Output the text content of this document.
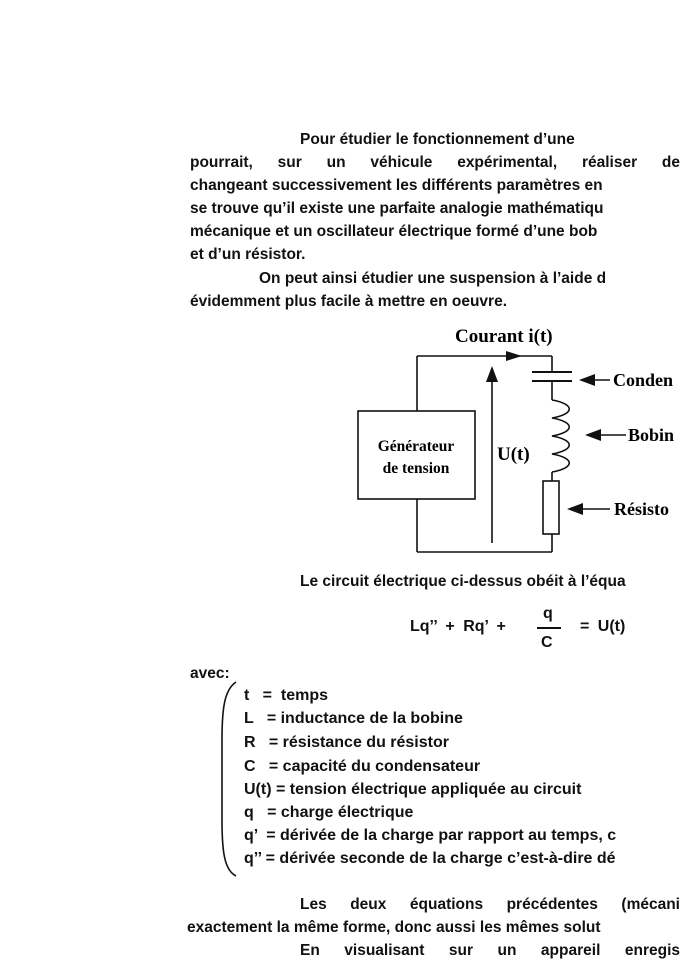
Pour étudier le fonctionnement d’une
pourrait, sur un véhicule expérimental, réaliser de
changeant successivement les différents paramètres en
se trouve qu’il existe une parfaite analogie mathématiqu
mécanique et un oscillateur électrique formé d’une bob
et d’un résistor.
On peut ainsi étudier une suspension à l’aide d
évidemment plus facile à mettre en oeuvre.
Courant i(t)
Générateur
de tension
U(t)
Conden
Bobin
Résisto
Le circuit électrique ci-dessus obéit à l’équa
Lq’’ + Rq’ +
q
C
= U(t)
avec:
t   =  temps
L   = inductance de la bobine
R   = résistance du résistor
C   = capacité du condensateur
U(t) = tension électrique appliquée au circuit
q   = charge électrique
q’  = dérivée de la charge par rapport au temps, c
q’’ = dérivée seconde de la charge c’est-à-dire dé
Les deux équations précédentes (mécani
exactement la même forme, donc aussi les mêmes solut
En visualisant sur un appareil enregis
